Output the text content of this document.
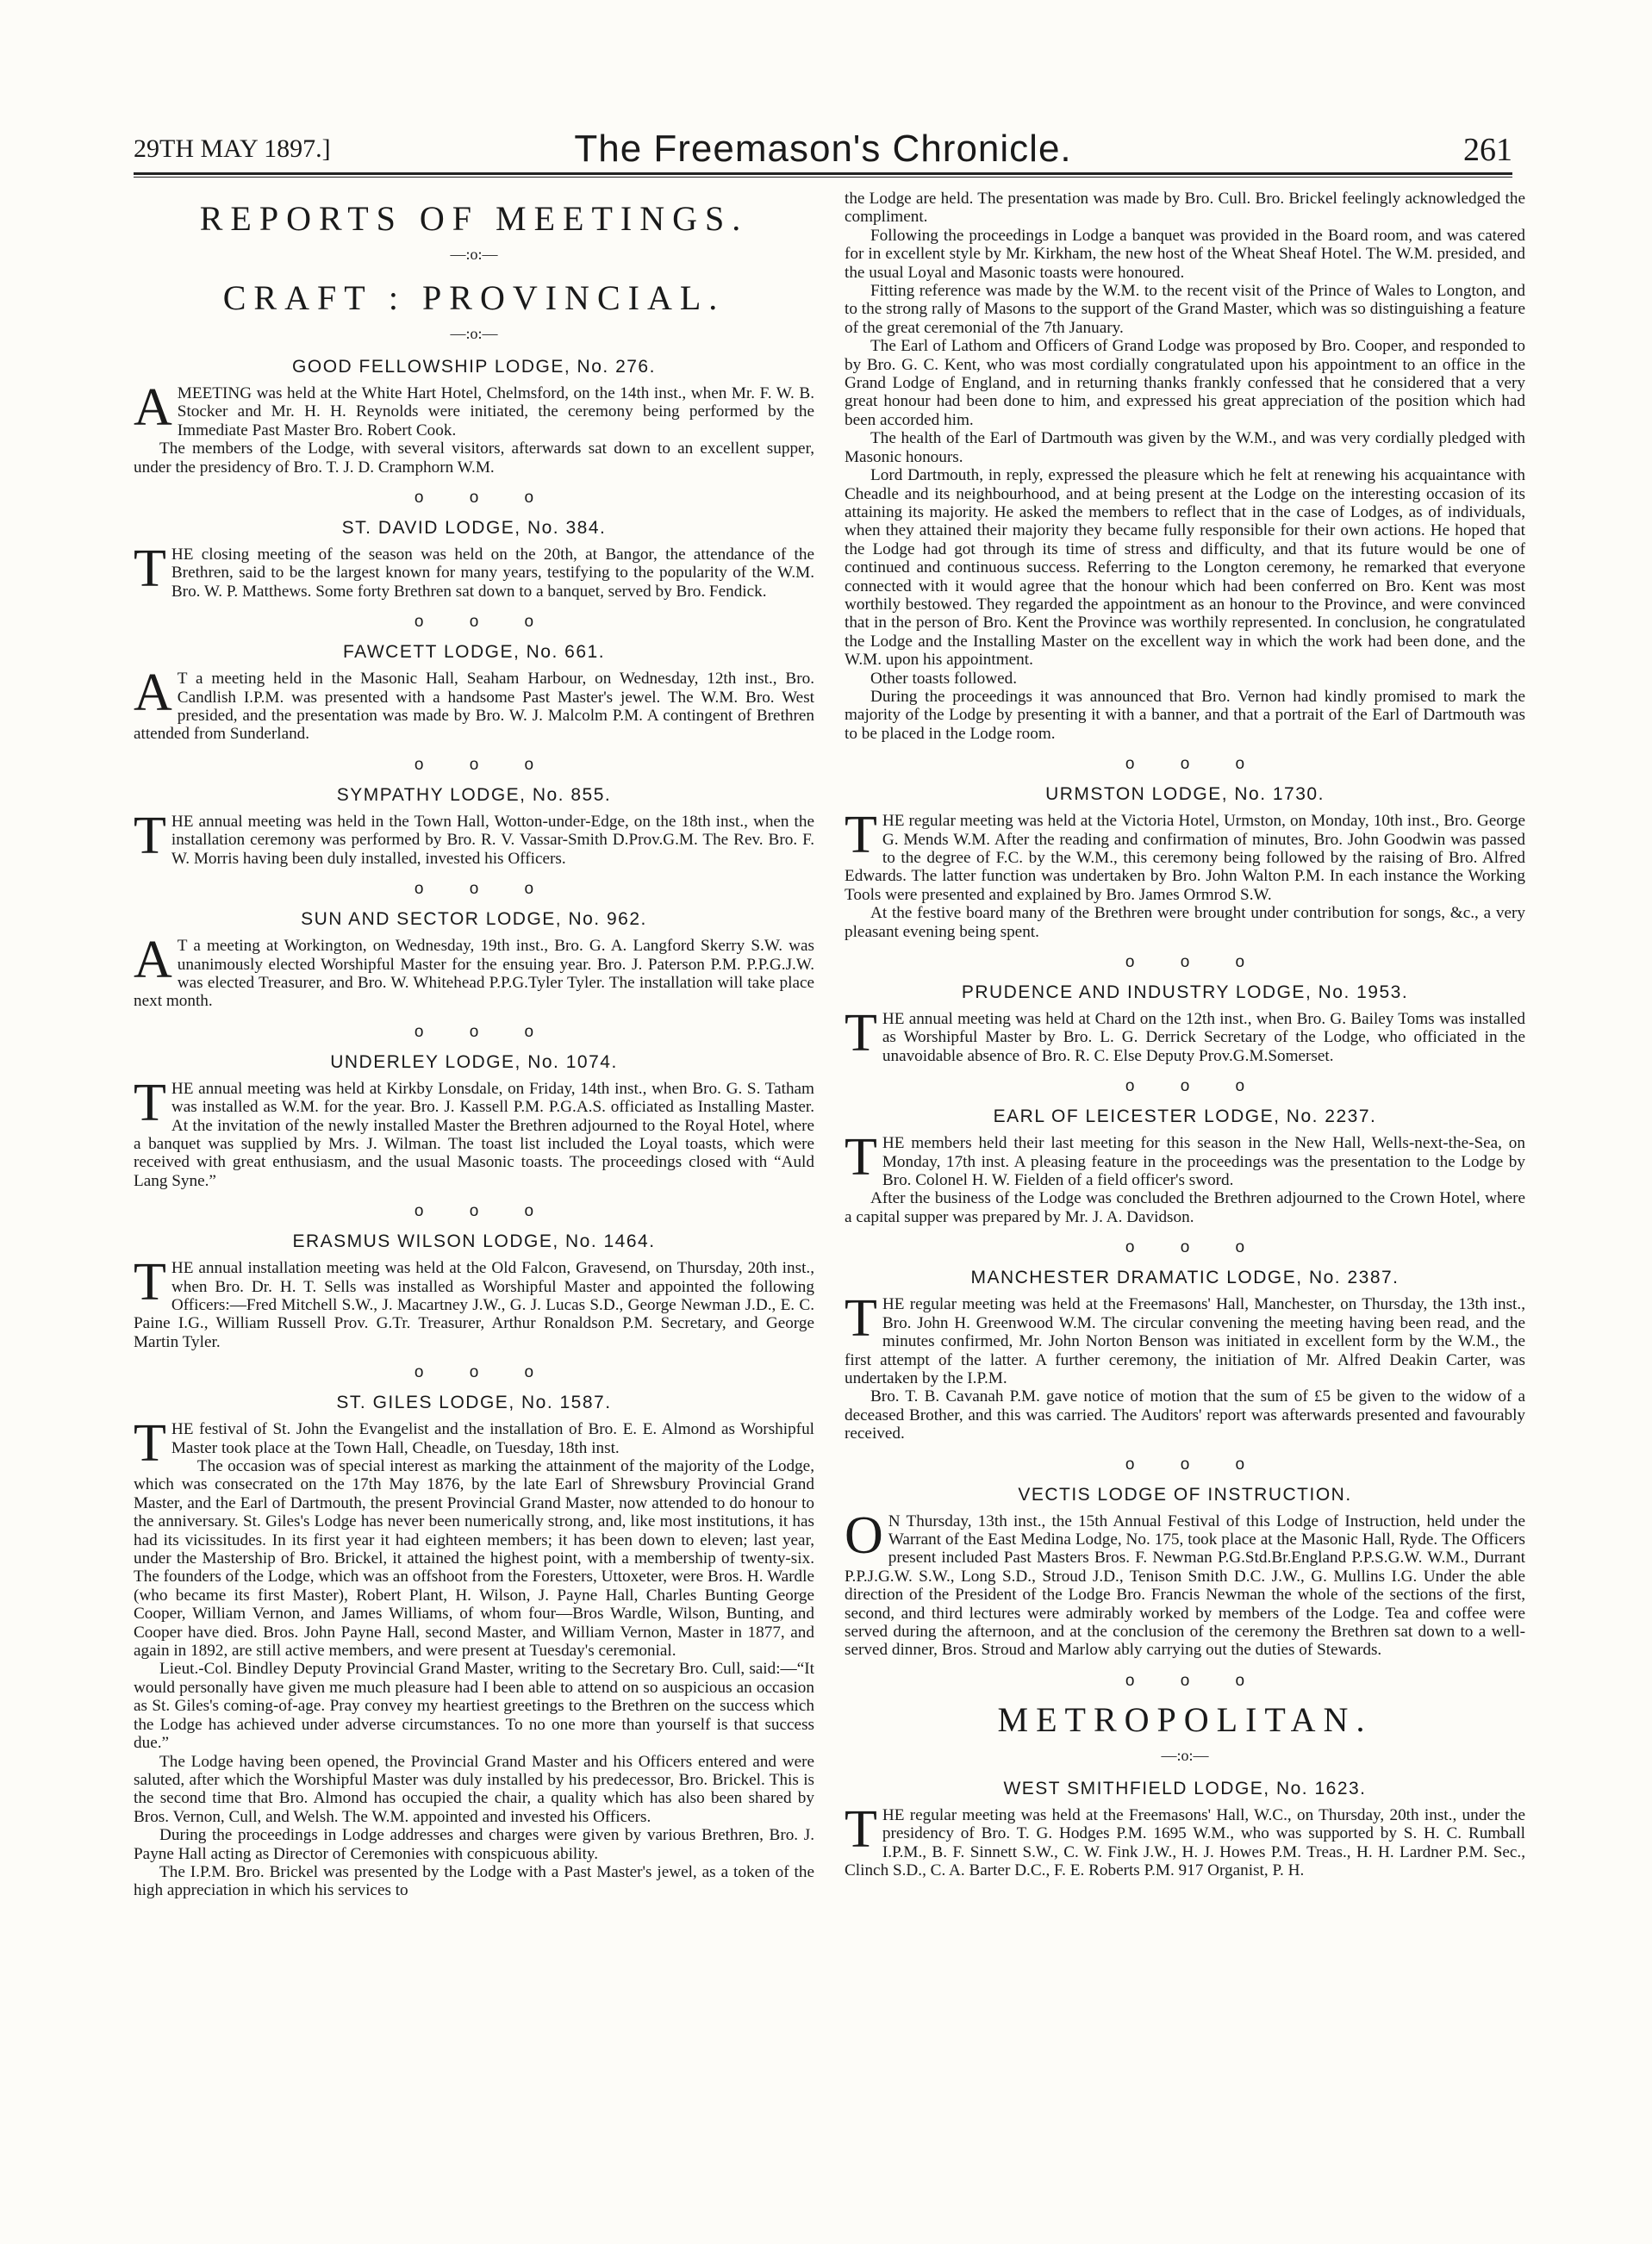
29TH MAY 1897.]	The Freemason's Chronicle.	261
REPORTS OF MEETINGS.
—:o:—
CRAFT : PROVINCIAL.
—:o:—
GOOD FELLOWSHIP LODGE, No. 276.

A MEETING was held at the White Hart Hotel, Chelmsford, on the 14th inst., when Mr. F. W. B. Stocker and Mr. H. H. Reynolds were initiated, the ceremony being performed by the Immediate Past Master Bro. Robert Cook.

The members of the Lodge, with several visitors, afterwards sat down to an excellent supper, under the presidency of Bro. T. J. D. Cramphorn W.M.

o o o
ST. DAVID LODGE, No. 384.

THE closing meeting of the season was held on the 20th, at Bangor, the attendance of the Brethren, said to be the largest known for many years, testifying to the popularity of the W.M. Bro. W. P. Matthews. Some forty Brethren sat down to a banquet, served by Bro. Fendick.

o o o
FAWCETT LODGE, No. 661.

A T a meeting held in the Masonic Hall, Seaham Harbour, on Wednesday, 12th inst., Bro. Candlish I.P.M. was presented with a handsome Past Master's jewel. The W.M. Bro. West presided, and the presentation was made by Bro. W. J. Malcolm P.M. A contingent of Brethren attended from Sunderland.

o o o
SYMPATHY LODGE, No. 855.

THE annual meeting was held in the Town Hall, Wotton-under-Edge, on the 18th inst., when the installation ceremony was performed by Bro. R. V. Vassar-Smith D.Prov.G.M. The Rev. Bro. F. W. Morris having been duly installed, invested his Officers.

o o o
SUN AND SECTOR LODGE, No. 962.

A T a meeting at Workington, on Wednesday, 19th inst., Bro. G. A. Langford Skerry S.W. was unanimously elected Worshipful Master for the ensuing year. Bro. J. Paterson P.M. P.P.G.J.W. was elected Treasurer, and Bro. W. Whitehead P.P.G.Tyler Tyler. The installation will take place next month.

o o o
UNDERLEY LODGE, No. 1074.

THE annual meeting was held at Kirkby Lonsdale, on Friday, 14th inst., when Bro. G. S. Tatham was installed as W.M. for the year. Bro. J. Kassell P.M. P.G.A.S. officiated as Installing Master. At the invitation of the newly installed Master the Brethren adjourned to the Royal Hotel, where a banquet was supplied by Mrs. J. Wilman. The toast list included the Loyal toasts, which were received with great enthusiasm, and the usual Masonic toasts. The proceedings closed with “Auld Lang Syne.”

o o o
ERASMUS WILSON LODGE, No. 1464.

THE annual installation meeting was held at the Old Falcon, Gravesend, on Thursday, 20th inst., when Bro. Dr. H. T. Sells was installed as Worshipful Master and appointed the following Officers:—Fred Mitchell S.W., J. Macartney J.W., G. J. Lucas S.D., George Newman J.D., E. C. Paine I.G., William Russell Prov. G.Tr. Treasurer, Arthur Ronaldson P.M. Secretary, and George Martin Tyler.

o o o
ST. GILES LODGE, No. 1587.

THE festival of St. John the Evangelist and the installation of Bro. E. E. Almond as Worshipful Master took place at the Town Hall, Cheadle, on Tuesday, 18th inst.

The occasion was of special interest as marking the attainment of the majority of the Lodge, which was consecrated on the 17th May 1876, by the late Earl of Shrewsbury Provincial Grand Master, and the Earl of Dartmouth, the present Provincial Grand Master, now attended to do honour to the anniversary. St. Giles's Lodge has never been numerically strong, and, like most institutions, it has had its vicissitudes. In its first year it had eighteen members; it has been down to eleven; last year, under the Mastership of Bro. Brickel, it attained the highest point, with a membership of twenty-six. The founders of the Lodge, which was an offshoot from the Foresters, Uttoxeter, were Bros. H. Wardle (who became its first Master), Robert Plant, H. Wilson, J. Payne Hall, Charles Bunting George Cooper, William Vernon, and James Williams, of whom four—Bros Wardle, Wilson, Bunting, and Cooper have died. Bros. John Payne Hall, second Master, and William Vernon, Master in 1877, and again in 1892, are still active members, and were present at Tuesday's ceremonial.

Lieut.-Col. Bindley Deputy Provincial Grand Master, writing to the Secretary Bro. Cull, said:—“It would personally have given me much pleasure had I been able to attend on so auspicious an occasion as St. Giles's coming-of-age. Pray convey my heartiest greetings to the Brethren on the success which the Lodge has achieved under adverse circumstances. To no one more than yourself is that success due.”

The Lodge having been opened, the Provincial Grand Master and his Officers entered and were saluted, after which the Worshipful Master was duly installed by his predecessor, Bro. Brickel. This is the second time that Bro. Almond has occupied the chair, a quality which has also been shared by Bros. Vernon, Cull, and Welsh. The W.M. appointed and invested his Officers.

During the proceedings in Lodge addresses and charges were given by various Brethren, Bro. J. Payne Hall acting as Director of Ceremonies with conspicuous ability.

The I.P.M. Bro. Brickel was presented by the Lodge with a Past Master's jewel, as a token of the high appreciation in which his services to

the Lodge are held. The presentation was made by Bro. Cull. Bro. Brickel feelingly acknowledged the compliment.

Following the proceedings in Lodge a banquet was provided in the Board room, and was catered for in excellent style by Mr. Kirkham, the new host of the Wheat Sheaf Hotel. The W.M. presided, and the usual Loyal and Masonic toasts were honoured.

Fitting reference was made by the W.M. to the recent visit of the Prince of Wales to Longton, and to the strong rally of Masons to the support of the Grand Master, which was so distinguishing a feature of the great ceremonial of the 7th January.

The Earl of Lathom and Officers of Grand Lodge was proposed by Bro. Cooper, and responded to by Bro. G. C. Kent, who was most cordially congratulated upon his appointment to an office in the Grand Lodge of England, and in returning thanks frankly confessed that he considered that a very great honour had been done to him, and expressed his great appreciation of the position which had been accorded him.

The health of the Earl of Dartmouth was given by the W.M., and was very cordially pledged with Masonic honours.

Lord Dartmouth, in reply, expressed the pleasure which he felt at renewing his acquaintance with Cheadle and its neighbourhood, and at being present at the Lodge on the interesting occasion of its attaining its majority. He asked the members to reflect that in the case of Lodges, as of individuals, when they attained their majority they became fully responsible for their own actions. He hoped that the Lodge had got through its time of stress and difficulty, and that its future would be one of continued and continuous success. Referring to the Longton ceremony, he remarked that everyone connected with it would agree that the honour which had been conferred on Bro. Kent was most worthily bestowed. They regarded the appointment as an honour to the Province, and were convinced that in the person of Bro. Kent the Province was worthily represented. In conclusion, he congratulated the Lodge and the Installing Master on the excellent way in which the work had been done, and the W.M. upon his appointment.

Other toasts followed.

During the proceedings it was announced that Bro. Vernon had kindly promised to mark the majority of the Lodge by presenting it with a banner, and that a portrait of the Earl of Dartmouth was to be placed in the Lodge room.

o o o
URMSTON LODGE, No. 1730.

THE regular meeting was held at the Victoria Hotel, Urmston, on Monday, 10th inst., Bro. George G. Mends W.M. After the reading and confirmation of minutes, Bro. John Goodwin was passed to the degree of F.C. by the W.M., this ceremony being followed by the raising of Bro. Alfred Edwards. The latter function was undertaken by Bro. John Walton P.M. In each instance the Working Tools were presented and explained by Bro. James Ormrod S.W.

At the festive board many of the Brethren were brought under contribution for songs, &c., a very pleasant evening being spent.

o o o
PRUDENCE AND INDUSTRY LODGE, No. 1953.

THE annual meeting was held at Chard on the 12th inst., when Bro. G. Bailey Toms was installed as Worshipful Master by Bro. L. G. Derrick Secretary of the Lodge, who officiated in the unavoidable absence of Bro. R. C. Else Deputy Prov.G.M.Somerset.

o o o
EARL OF LEICESTER LODGE, No. 2237.

THE members held their last meeting for this season in the New Hall, Wells-next-the-Sea, on Monday, 17th inst. A pleasing feature in the proceedings was the presentation to the Lodge by Bro. Colonel H. W. Fielden of a field officer's sword.

After the business of the Lodge was concluded the Brethren adjourned to the Crown Hotel, where a capital supper was prepared by Mr. J. A. Davidson.

o o o
MANCHESTER DRAMATIC LODGE, No. 2387.

THE regular meeting was held at the Freemasons' Hall, Manchester, on Thursday, the 13th inst., Bro. John H. Greenwood W.M. The circular convening the meeting having been read, and the minutes confirmed, Mr. John Norton Benson was initiated in excellent form by the W.M., the first attempt of the latter. A further ceremony, the initiation of Mr. Alfred Deakin Carter, was undertaken by the I.P.M.

Bro. T. B. Cavanah P.M. gave notice of motion that the sum of £5 be given to the widow of a deceased Brother, and this was carried. The Auditors' report was afterwards presented and favourably received.

o o o
VECTIS LODGE OF INSTRUCTION.

O N Thursday, 13th inst., the 15th Annual Festival of this Lodge of Instruction, held under the Warrant of the East Medina Lodge, No. 175, took place at the Masonic Hall, Ryde. The Officers present included Past Masters Bros. F. Newman P.G.Std.Br.England P.P.S.G.W. W.M., Durrant P.P.J.G.W. S.W., Long S.D., Stroud J.D., Tenison Smith D.C. J.W., G. Mullins I.G. Under the able direction of the President of the Lodge Bro. Francis Newman the whole of the sections of the first, second, and third lectures were admirably worked by members of the Lodge. Tea and coffee were served during the afternoon, and at the conclusion of the ceremony the Brethren sat down to a well-served dinner, Bros. Stroud and Marlow ably carrying out the duties of Stewards.

o o o
METROPOLITAN.
—:o:—
WEST SMITHFIELD LODGE, No. 1623.

THE regular meeting was held at the Freemasons' Hall, W.C., on Thursday, 20th inst., under the presidency of Bro. T. G. Hodges P.M. 1695 W.M., who was supported by S. H. C. Rumball I.P.M., B. F. Sinnett S.W., C. W. Fink J.W., H. J. Howes P.M. Treas., H. H. Lardner P.M. Sec., Clinch S.D., C. A. Barter D.C., F. E. Roberts P.M. 917 Organist, P. H.
